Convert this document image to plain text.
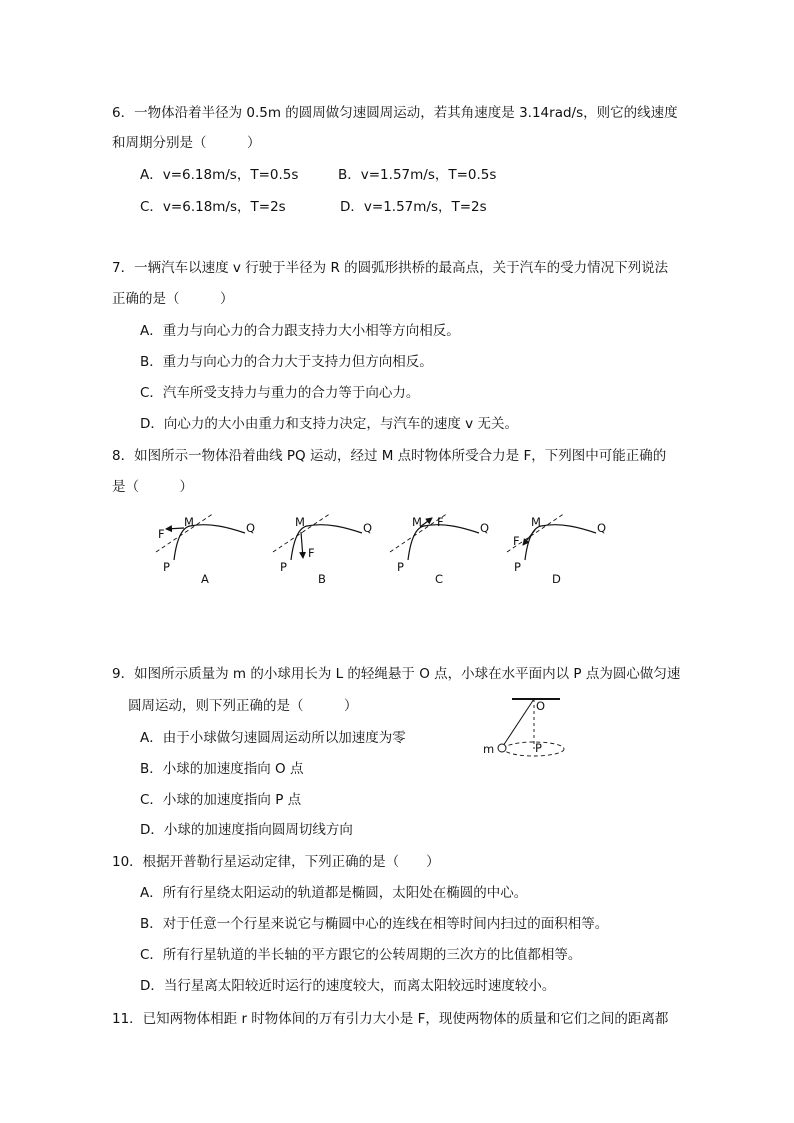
6．一物体沿着半径为 0.5m 的圆周做匀速圆周运动，若其角速度是 3.14rad/s，则它的线速度
和周期分别是（　　　）
A．v=6.18m/s，T=0.5s	B．v=1.57m/s，T=0.5s
C．v=6.18m/s，T=2s	D．v=1.57m/s，T=2s
7．一辆汽车以速度 v 行驶于半径为 R 的圆弧形拱桥的最高点，关于汽车的受力情况下列说法
正确的是（　　　）
A．重力与向心力的合力跟支持力大小相等方向相反。
B．重力与向心力的合力大于支持力但方向相反。
C．汽车所受支持力与重力的合力等于向心力。
D．向心力的大小由重力和支持力决定，与汽车的速度 v 无关。
8．如图所示一物体沿着曲线 PQ 运动，经过 M 点时物体所受合力是 F，下列图中可能正确的
是（　　　）
M
F
P
Q
A
M
F
P
Q
B
M F
P
Q
C
M
F
P
Q
D
9．如图所示质量为 m 的小球用长为 L 的轻绳悬于 O 点，小球在水平面内以 P 点为圆心做匀速
圆周运动，则下列正确的是（　　　）
A．由于小球做匀速圆周运动所以加速度为零
B．小球的加速度指向 O 点
C．小球的加速度指向 P 点
D．小球的加速度指向圆周切线方向
O
m	P
10．根据开普勒行星运动定律，下列正确的是（　　）
A．所有行星绕太阳运动的轨道都是椭圆，太阳处在椭圆的中心。
B．对于任意一个行星来说它与椭圆中心的连线在相等时间内扫过的面积相等。
C．所有行星轨道的半长轴的平方跟它的公转周期的三次方的比值都相等。
D．当行星离太阳较近时运行的速度较大，而离太阳较远时速度较小。
11．已知两物体相距 r 时物体间的万有引力大小是 F，现使两物体的质量和它们之间的距离都
